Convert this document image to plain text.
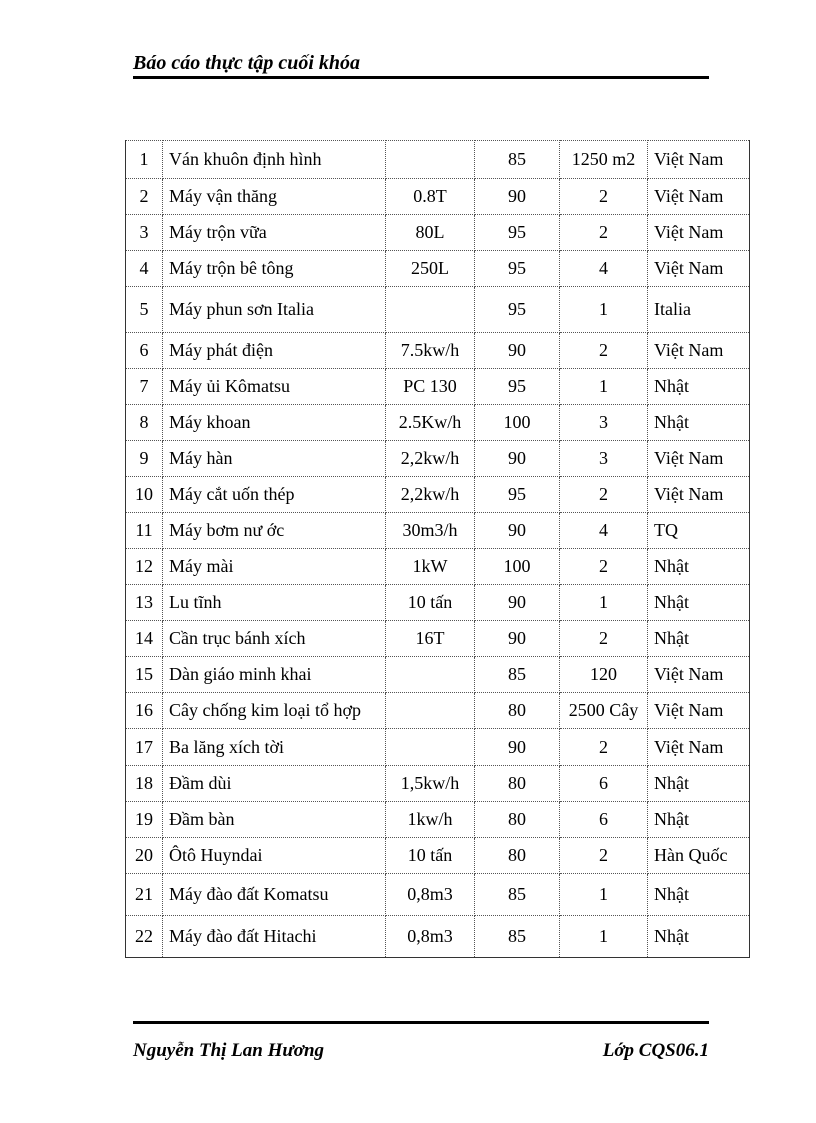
Báo cáo thực tập cuối khóa
1	Ván khuôn định hình		85	1250 m2	Việt Nam
2	Máy vận thăng	0.8T	90	2	Việt Nam
3	Máy trộn vữa	80L	95	2	Việt Nam
4	Máy trộn bê tông	250L	95	4	Việt Nam
5	Máy phun sơn Italia		95	1	Italia
6	Máy phát điện	7.5kw/h	90	2	Việt Nam
7	Máy ủi Kômatsu	PC 130	95	1	Nhật
8	Máy khoan	2.5Kw/h	100	3	Nhật
9	Máy hàn	2,2kw/h	90	3	Việt Nam
10	Máy cắt uốn thép	2,2kw/h	95	2	Việt Nam
11	Máy bơm nư ớc	30m3/h	90	4	TQ
12	Máy mài	1kW	100	2	Nhật
13	Lu tĩnh	10 tấn	90	1	Nhật
14	Cần trục bánh xích	16T	90	2	Nhật
15	Dàn giáo minh khai		85	120	Việt Nam
16	Cây chống kim loại tổ hợp		80	2500 Cây	Việt Nam
17	Ba lăng xích tời		90	2	Việt Nam
18	Đầm dùi	1,5kw/h	80	6	Nhật
19	Đầm bàn	1kw/h	80	6	Nhật
20	Ôtô Huyndai	10 tấn	80	2	Hàn Quốc
21	Máy đào đất Komatsu	0,8m3	85	1	Nhật
22	Máy đào đất Hitachi	0,8m3	85	1	Nhật
Nguyễn Thị Lan Hương	Lớp CQS06.1
